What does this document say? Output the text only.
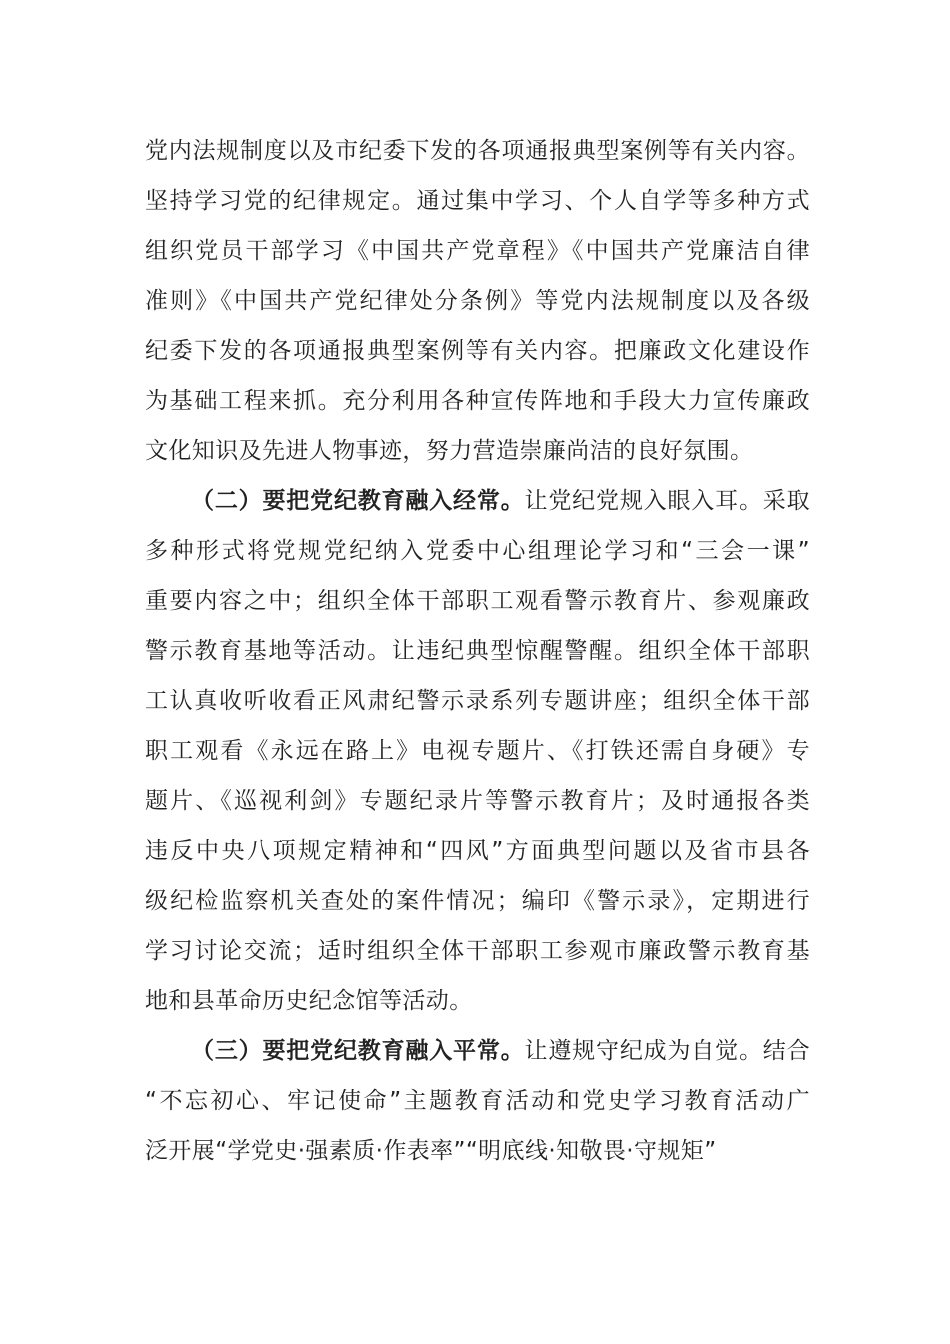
党内法规制度以及市纪委下发的各项通报典型案例等有关内容。
坚持学习党的纪律规定。通过集中学习、个人自学等多种方式
组织党员干部学习《中国共产党章程》《中国共产党廉洁自律
准则》《中国共产党纪律处分条例》等党内法规制度以及各级
纪委下发的各项通报典型案例等有关内容。把廉政文化建设作
为基础工程来抓。充分利用各种宣传阵地和手段大力宣传廉政
文化知识及先进人物事迹，努力营造崇廉尚洁的良好氛围。
（二）要把党纪教育融入经常。让党纪党规入眼入耳。采取
多种形式将党规党纪纳入党委中心组理论学习和“三会一课”
重要内容之中；组织全体干部职工观看警示教育片、参观廉政
警示教育基地等活动。让违纪典型惊醒警醒。组织全体干部职
工认真收听收看正风肃纪警示录系列专题讲座；组织全体干部
职工观看《永远在路上》电视专题片、《打铁还需自身硬》专
题片、《巡视利剑》专题纪录片等警示教育片；及时通报各类
违反中央八项规定精神和“四风”方面典型问题以及省市县各
级纪检监察机关查处的案件情况；编印《警示录》，定期进行
学习讨论交流；适时组织全体干部职工参观市廉政警示教育基
地和县革命历史纪念馆等活动。
（三）要把党纪教育融入平常。让遵规守纪成为自觉。结合
“不忘初心、牢记使命”主题教育活动和党史学习教育活动广
泛开展“学党史·强素质·作表率”“明底线·知敬畏·守规矩”
